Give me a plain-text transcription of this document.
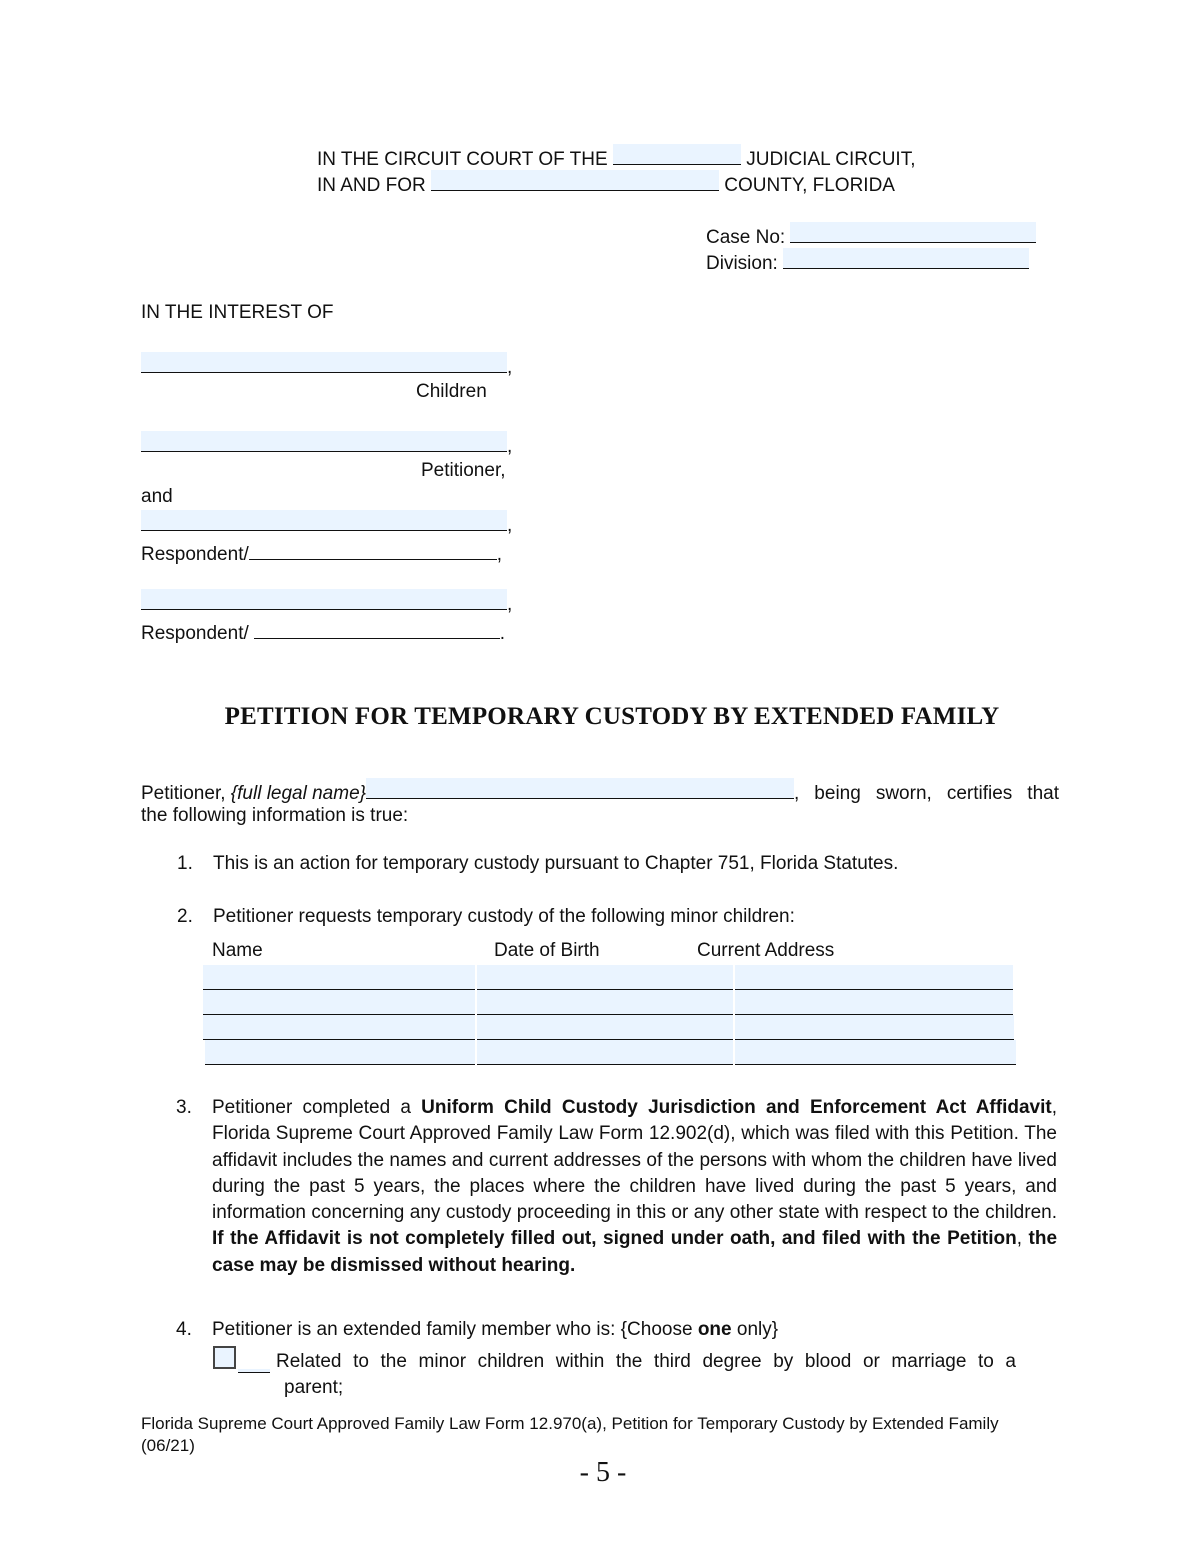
IN THE CIRCUIT COURT OF THE	JUDICIAL CIRCUIT,
IN AND FOR	COUNTY, FLORIDA
Case No:
Division:
IN THE INTEREST OF
,
Children
,
Petitioner,
and
,
Respondent/	,
,
Respondent/	.
PETITION FOR TEMPORARY CUSTODY BY EXTENDED FAMILY
Petitioner,
{full legal name}	, being sworn, certifies that
the following information is true:
1. This is an action for temporary custody pursuant to Chapter 751, Florida Statutes.
2. Petitioner requests temporary custody of the following minor children:
Name	Date of Birth	Current Address
3. Petitioner completed a Uniform Child Custody Jurisdiction and Enforcement Act Affidavit, Florida Supreme Court Approved Family Law Form 12.902(d), which was filed with this Petition. The affidavit includes the names and current addresses of the persons with whom the children have lived during the past 5 years, the places where the children have lived during the past 5 years, and information concerning any custody proceeding in this or any other state with respect to the children. If the Affidavit is not completely filled out, signed under oath, and filed with the Petition, the case may be dismissed without hearing.
4. Petitioner is an extended family member who is: {Choose one only}
Related to the minor children within the third degree by blood or marriage to a
parent;
Florida Supreme Court Approved Family Law Form 12.970(a), Petition for Temporary Custody by Extended Family
(06/21)
- 5 -
